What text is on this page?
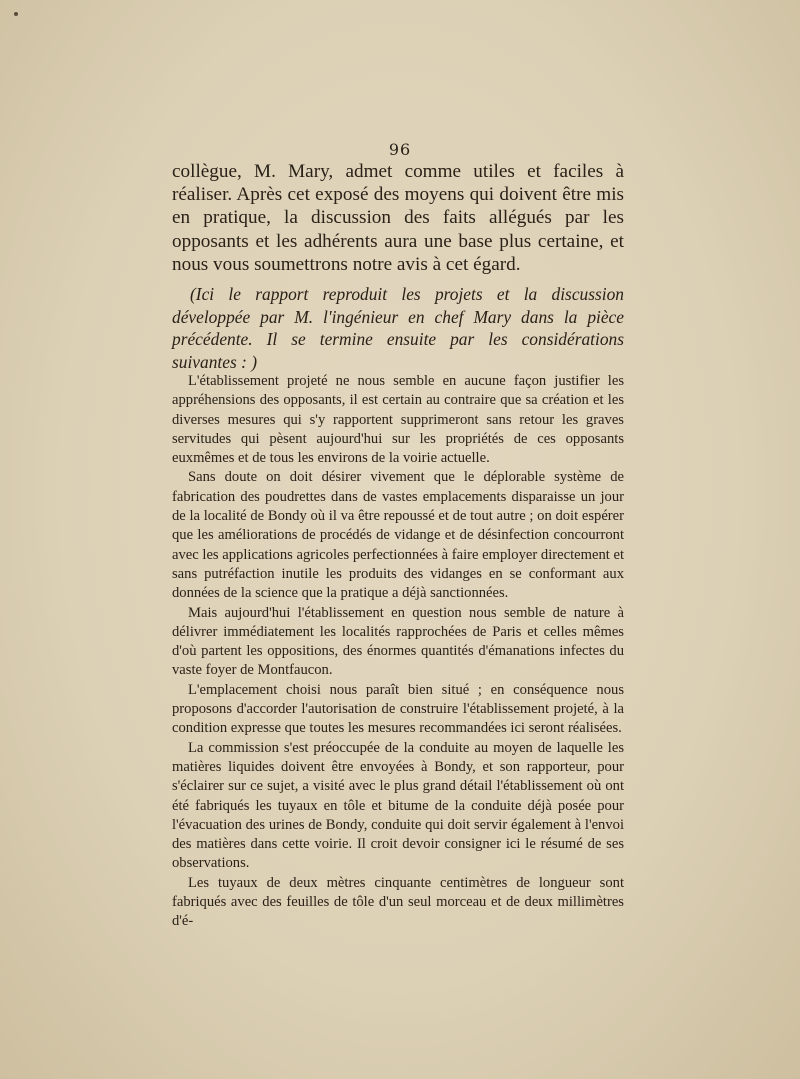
96

collègue, M. Mary, admet comme utiles et faciles à réaliser. Après cet exposé des moyens qui doivent être mis en pratique, la discussion des faits allégués par les opposants et les adhérents aura une base plus certaine, et nous vous soumettrons notre avis à cet égard.

(Ici le rapport reproduit les projets et la discussion développée par M. l'ingénieur en chef Mary dans la pièce précédente. Il se termine ensuite par les considérations suivantes : )

L'établissement projeté ne nous semble en aucune façon justifier les appréhensions des opposants, il est certain au contraire que sa création et les diverses mesures qui s'y rapportent supprimeront sans retour les graves servitudes qui pèsent aujourd'hui sur les propriétés de ces opposants euxmêmes et de tous les environs de la voirie actuelle.

Sans doute on doit désirer vivement que le déplorable système de fabrication des poudrettes dans de vastes emplacements disparaisse un jour de la localité de Bondy où il va être repoussé et de tout autre ; on doit espérer que les améliorations de procédés de vidange et de désinfection concourront avec les applications agricoles perfectionnées à faire employer directement et sans putréfaction inutile les produits des vidanges en se conformant aux données de la science que la pratique a déjà sanctionnées.

Mais aujourd'hui l'établissement en question nous semble de nature à délivrer immédiatement les localités rapprochées de Paris et celles mêmes d'où partent les oppositions, des énormes quantités d'émanations infectes du vaste foyer de Montfaucon.

L'emplacement choisi nous paraît bien situé ; en conséquence nous proposons d'accorder l'autorisation de construire l'établissement projeté, à la condition expresse que toutes les mesures recommandées ici seront réalisées.

La commission s'est préoccupée de la conduite au moyen de laquelle les matières liquides doivent être envoyées à Bondy, et son rapporteur, pour s'éclairer sur ce sujet, a visité avec le plus grand détail l'établissement où ont été fabriqués les tuyaux en tôle et bitume de la conduite déjà posée pour l'évacuation des urines de Bondy, conduite qui doit servir également à l'envoi des matières dans cette voirie. Il croit devoir consigner ici le résumé de ses observations.

Les tuyaux de deux mètres cinquante centimètres de longueur sont fabriqués avec des feuilles de tôle d'un seul morceau et de deux millimètres d'é-
